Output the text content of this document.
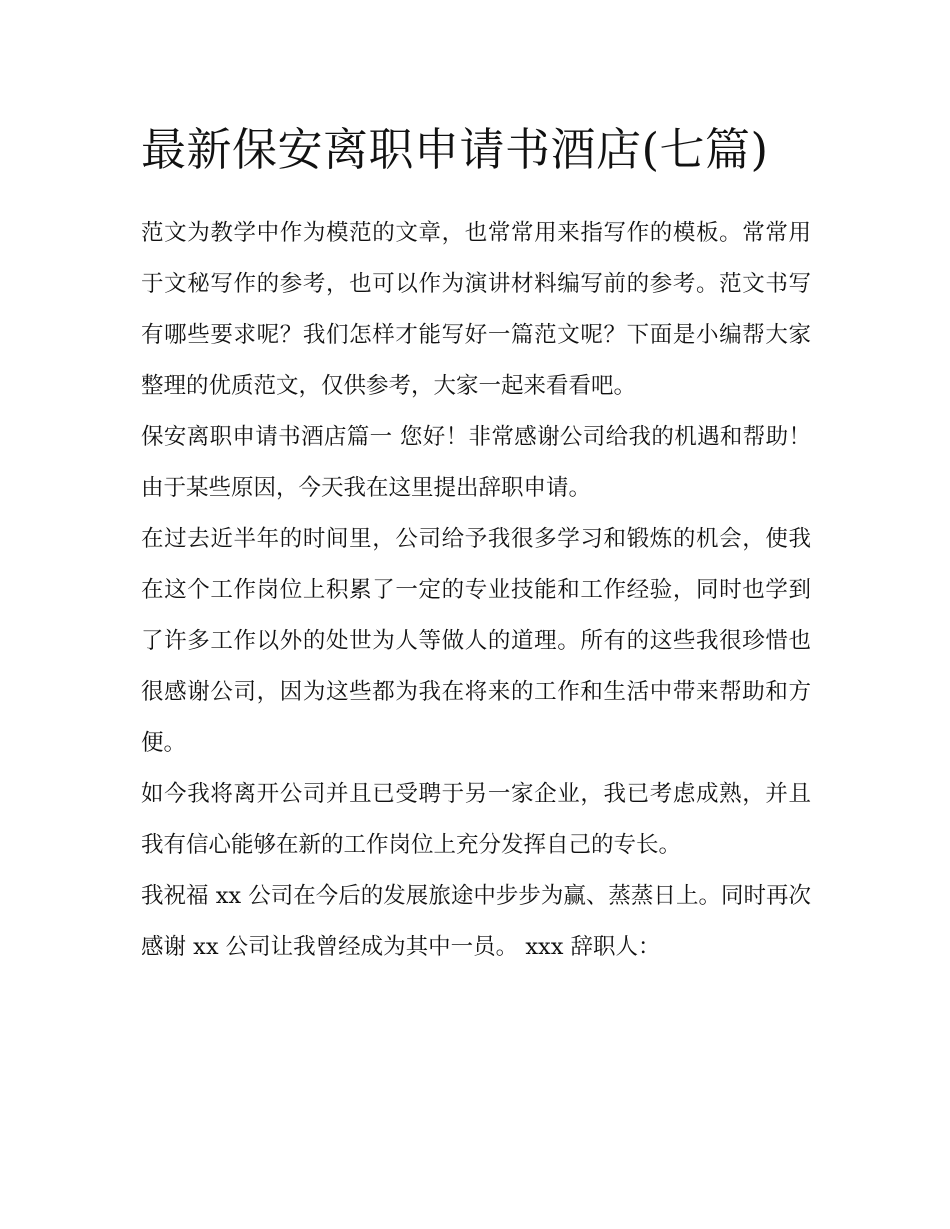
最新保安离职申请书酒店(七篇)

范文为教学中作为模范的文章，也常常用来指写作的模板。常常用于文秘写作的参考，也可以作为演讲材料编写前的参考。范文书写有哪些要求呢？我们怎样才能写好一篇范文呢？下面是小编帮大家整理的优质范文，仅供参考，大家一起来看看吧。

保安离职申请书酒店篇一 您好！非常感谢公司给我的机遇和帮助！由于某些原因，今天我在这里提出辞职申请。

在过去近半年的时间里，公司给予我很多学习和锻炼的机会，使我在这个工作岗位上积累了一定的专业技能和工作经验，同时也学到了许多工作以外的处世为人等做人的道理。所有的这些我很珍惜也很感谢公司，因为这些都为我在将来的工作和生活中带来帮助和方便。

如今我将离开公司并且已受聘于另一家企业，我已考虑成熟，并且我有信心能够在新的工作岗位上充分发挥自己的专长。

我祝福 xx 公司在今后的发展旅途中步步为赢、蒸蒸日上。同时再次感谢 xx 公司让我曾经成为其中一员。 xxx 辞职人：
